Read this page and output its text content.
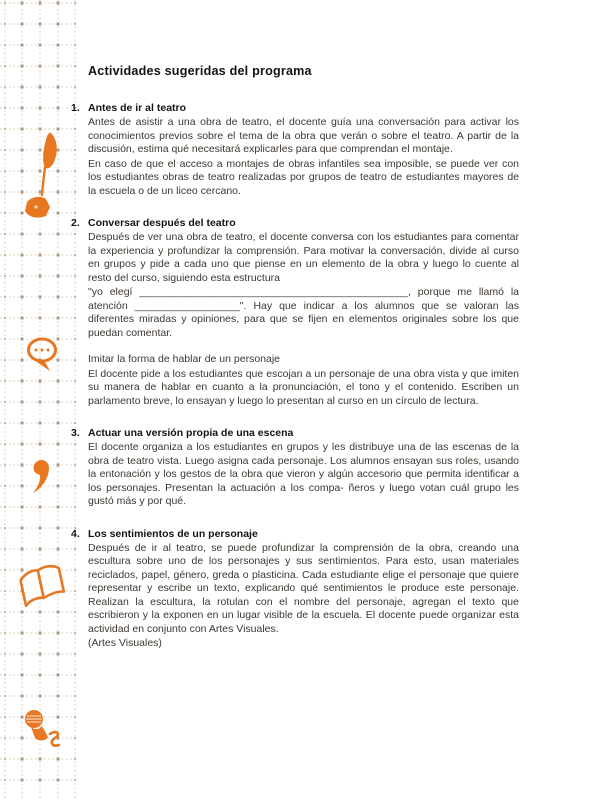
Actividades sugeridas del programa
1. Antes de ir al teatro

Antes de asistir a una obra de teatro, el docente guía una conversación para activar los conocimientos previos sobre el tema de la obra que verán o sobre el teatro. A partir de la discusión, estima qué necesitará explicarles para que comprendan el montaje.

En caso de que el acceso a montajes de obras infantiles sea imposible, se puede ver con los estudiantes obras de teatro realizadas por grupos de teatro de estudiantes mayores de la escuela o de un liceo cercano.

2. Conversar después del teatro

Después de ver una obra de teatro, el docente conversa con los estudiantes para comentar la experiencia y profundizar la comprensión. Para motivar la conversación, divide al curso en grupos y pide a cada uno que piense en un elemento de la obra y luego lo cuente al resto del curso, siguiendo esta estructura

"yo elegí ______________________________________________, porque me llamó la atención __________________". Hay que indicar a los alumnos que se valoran las diferentes miradas y opiniones, para que se fijen en elementos originales sobre los que puedan comentar.

Imitar la forma de hablar de un personaje

El docente pide a los estudiantes que escojan a un personaje de una obra vista y que imiten su manera de hablar en cuanto a la pronunciación, el tono y el contenido. Escriben un parlamento breve, lo ensayan y luego lo presentan al curso en un círculo de lectura.

3. Actuar una versión propia de una escena

El docente organiza a los estudiantes en grupos y les distribuye una de las escenas de la obra de teatro vista. Luego asigna cada personaje. Los alumnos ensayan sus roles, usando la entonación y los gestos de la obra que vieron y algún accesorio que permita identificar a los personajes. Presentan la actuación a los compa- ñeros y luego votan cuál grupo les gustó más y por qué.

4. Los sentimientos de un personaje

Después de ir al teatro, se puede profundizar la comprensión de la obra, creando una escultura sobre uno de los personajes y sus sentimientos. Para esto, usan materiales reciclados, papel, género, greda o plasticina. Cada estudiante elige el personaje que quiere representar y escribe un texto, explicando qué sentimientos le produce este personaje. Realizan la escultura, la rotulan con el nombre del personaje, agregan el texto que escribieron y la exponen en un lugar visible de la escuela. El docente puede organizar esta actividad en conjunto con Artes Visuales.

(Artes Visuales)
